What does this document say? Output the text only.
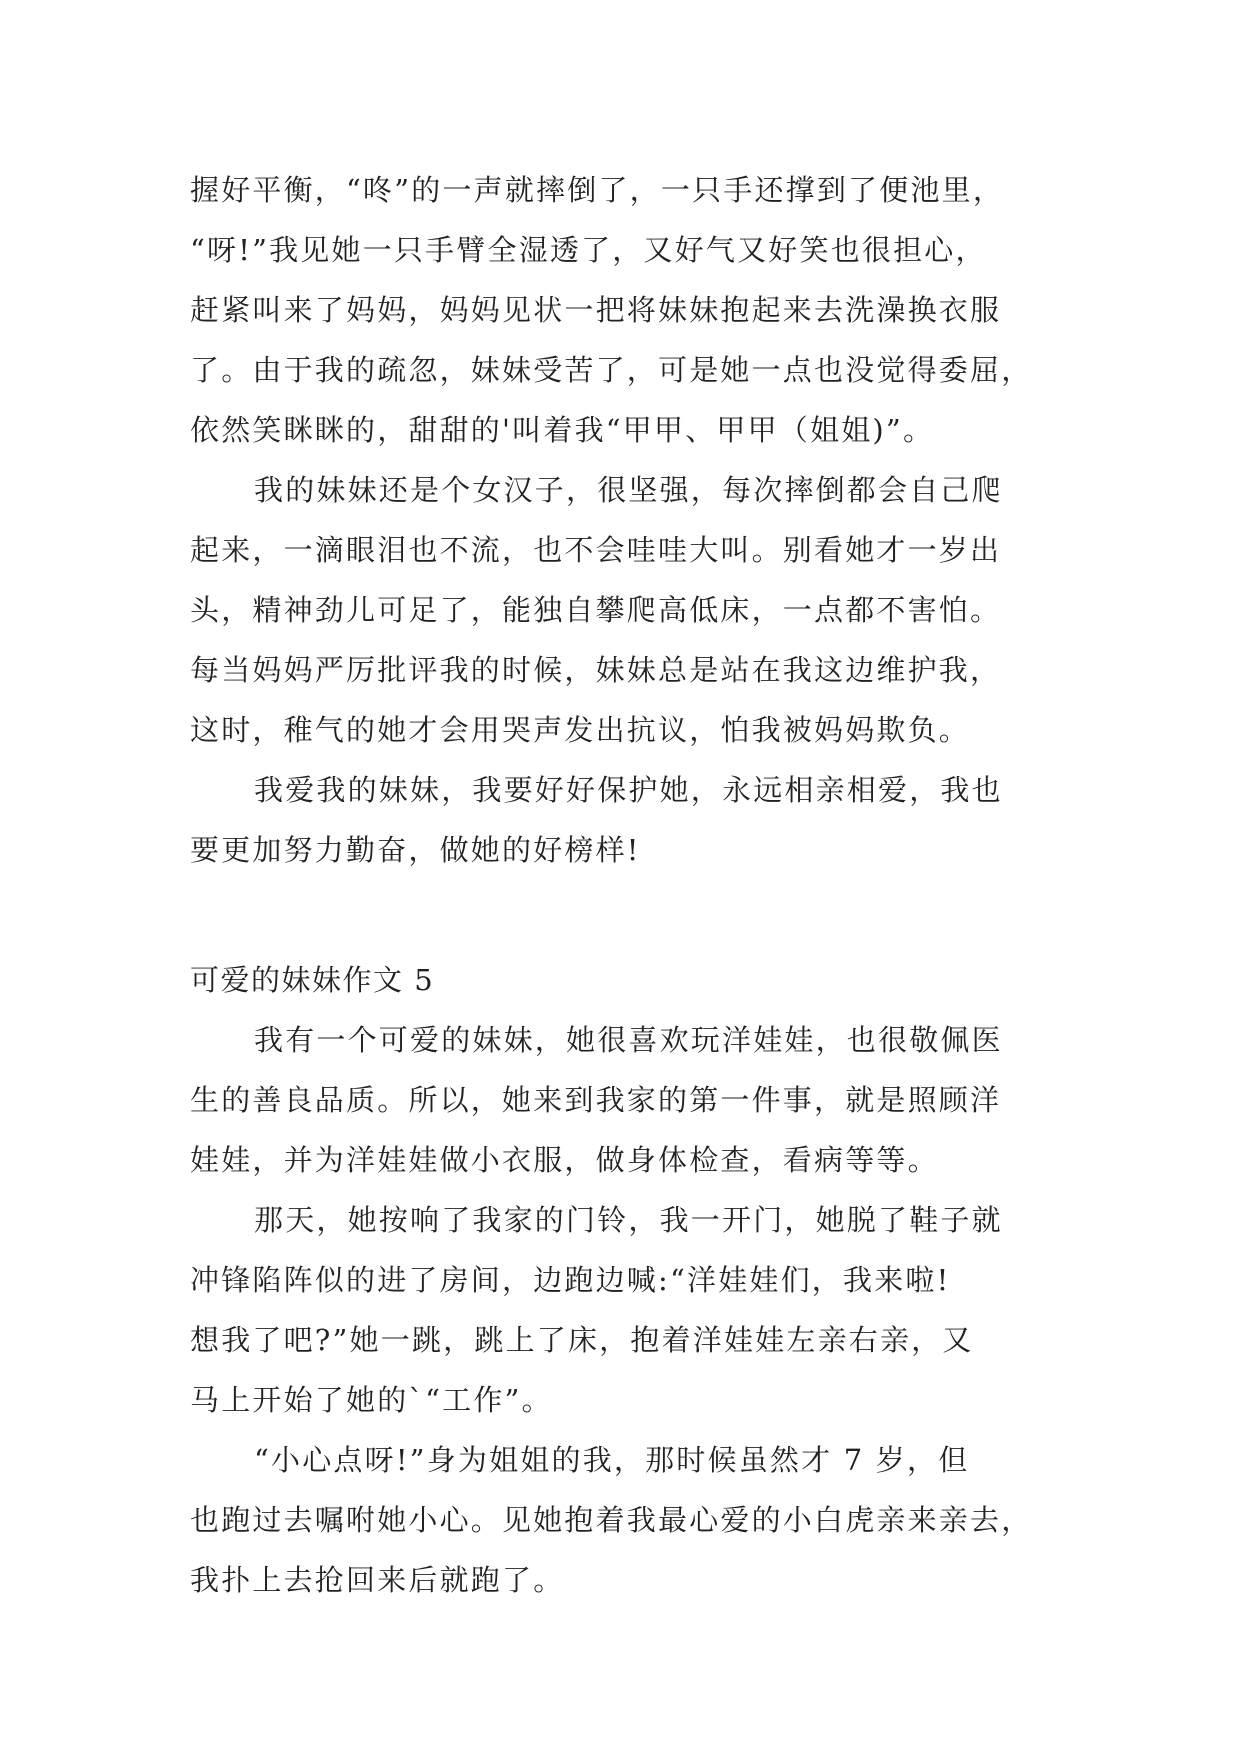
握好平衡，“咚”的一声就摔倒了，一只手还撑到了便池里，
“呀!”我见她一只手臂全湿透了，又好气又好笑也很担心，
赶紧叫来了妈妈，妈妈见状一把将妹妹抱起来去洗澡换衣服
了。由于我的疏忽，妹妹受苦了，可是她一点也没觉得委屈，
依然笑眯眯的，甜甜的'叫着我“甲甲、甲甲（姐姐)”。
我的妹妹还是个女汉子，很坚强，每次摔倒都会自己爬
起来，一滴眼泪也不流，也不会哇哇大叫。别看她才一岁出
头，精神劲儿可足了，能独自攀爬高低床，一点都不害怕。
每当妈妈严厉批评我的时候，妹妹总是站在我这边维护我，
这时，稚气的她才会用哭声发出抗议，怕我被妈妈欺负。
我爱我的妹妹，我要好好保护她，永远相亲相爱，我也
要更加努力勤奋，做她的好榜样!
可爱的妹妹作文 5
我有一个可爱的妹妹，她很喜欢玩洋娃娃，也很敬佩医
生的善良品质。所以，她来到我家的第一件事，就是照顾洋
娃娃，并为洋娃娃做小衣服，做身体检查，看病等等。
那天，她按响了我家的门铃，我一开门，她脱了鞋子就
冲锋陷阵似的进了房间，边跑边喊:“洋娃娃们，我来啦!
想我了吧?”她一跳，跳上了床，抱着洋娃娃左亲右亲，又
马上开始了她的`“工作”。
“小心点呀!”身为姐姐的我，那时候虽然才 7 岁，但
也跑过去嘱咐她小心。见她抱着我最心爱的小白虎亲来亲去，
我扑上去抢回来后就跑了。
